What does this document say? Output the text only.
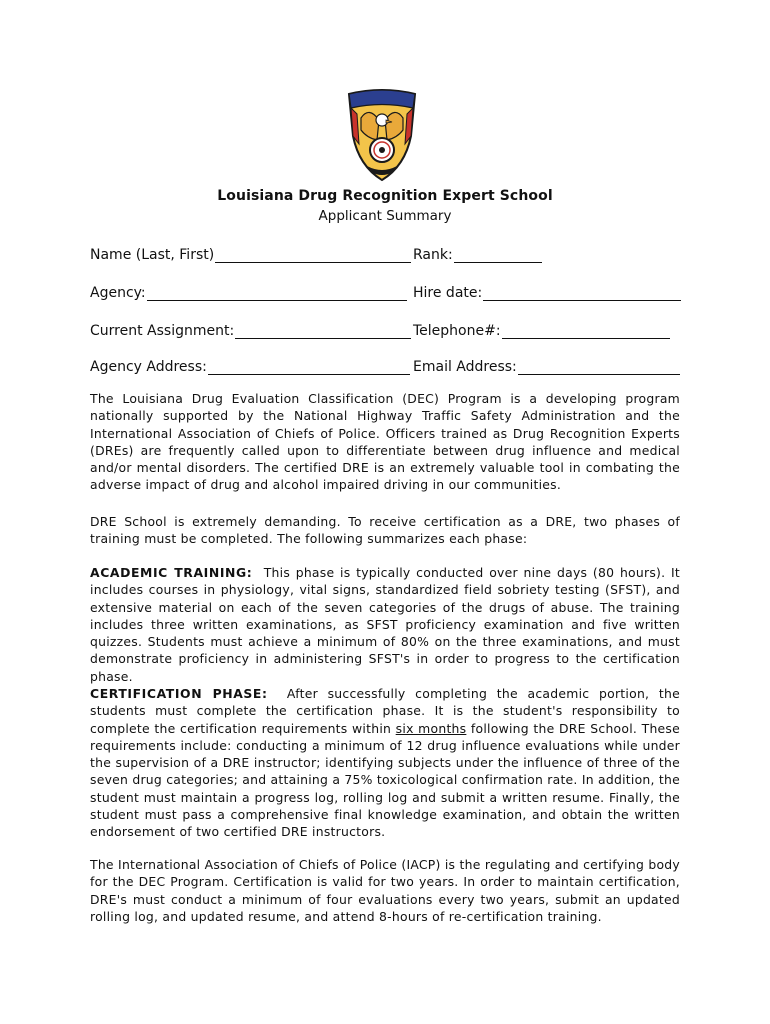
Louisiana Drug Recognition Expert School
Applicant Summary
Name (Last, First)	Rank:
Agency:	Hire date:
Current Assignment:	Telephone#:
Agency Address:	Email Address:
The Louisiana Drug Evaluation Classification (DEC) Program is a developing program nationally supported by the National Highway Traffic Safety Administration and the International Association of Chiefs of Police. Officers trained as Drug Recognition Experts (DREs) are frequently called upon to differentiate between drug influence and medical and/or mental disorders. The certified DRE is an extremely valuable tool in combating the adverse impact of drug and alcohol impaired driving in our communities.
DRE School is extremely demanding. To receive certification as a DRE, two phases of training must be completed. The following summarizes each phase:
ACADEMIC TRAINING: This phase is typically conducted over nine days (80 hours). It includes courses in physiology, vital signs, standardized field sobriety testing (SFST), and extensive material on each of the seven categories of the drugs of abuse. The training includes three written examinations, as SFST proficiency examination and five written quizzes. Students must achieve a minimum of 80% on the three examinations, and must demonstrate proficiency in administering SFST's in order to progress to the certification phase.
CERTIFICATION PHASE: After successfully completing the academic portion, the students must complete the certification phase. It is the student's responsibility to complete the certification requirements within six months following the DRE School. These requirements include: conducting a minimum of 12 drug influence evaluations while under the supervision of a DRE instructor; identifying subjects under the influence of three of the seven drug categories; and attaining a 75% toxicological confirmation rate. In addition, the student must maintain a progress log, rolling log and submit a written resume. Finally, the student must pass a comprehensive final knowledge examination, and obtain the written endorsement of two certified DRE instructors.
The International Association of Chiefs of Police (IACP) is the regulating and certifying body for the DEC Program. Certification is valid for two years. In order to maintain certification, DRE's must conduct a minimum of four evaluations every two years, submit an updated rolling log, and updated resume, and attend 8-hours of re-certification training.
